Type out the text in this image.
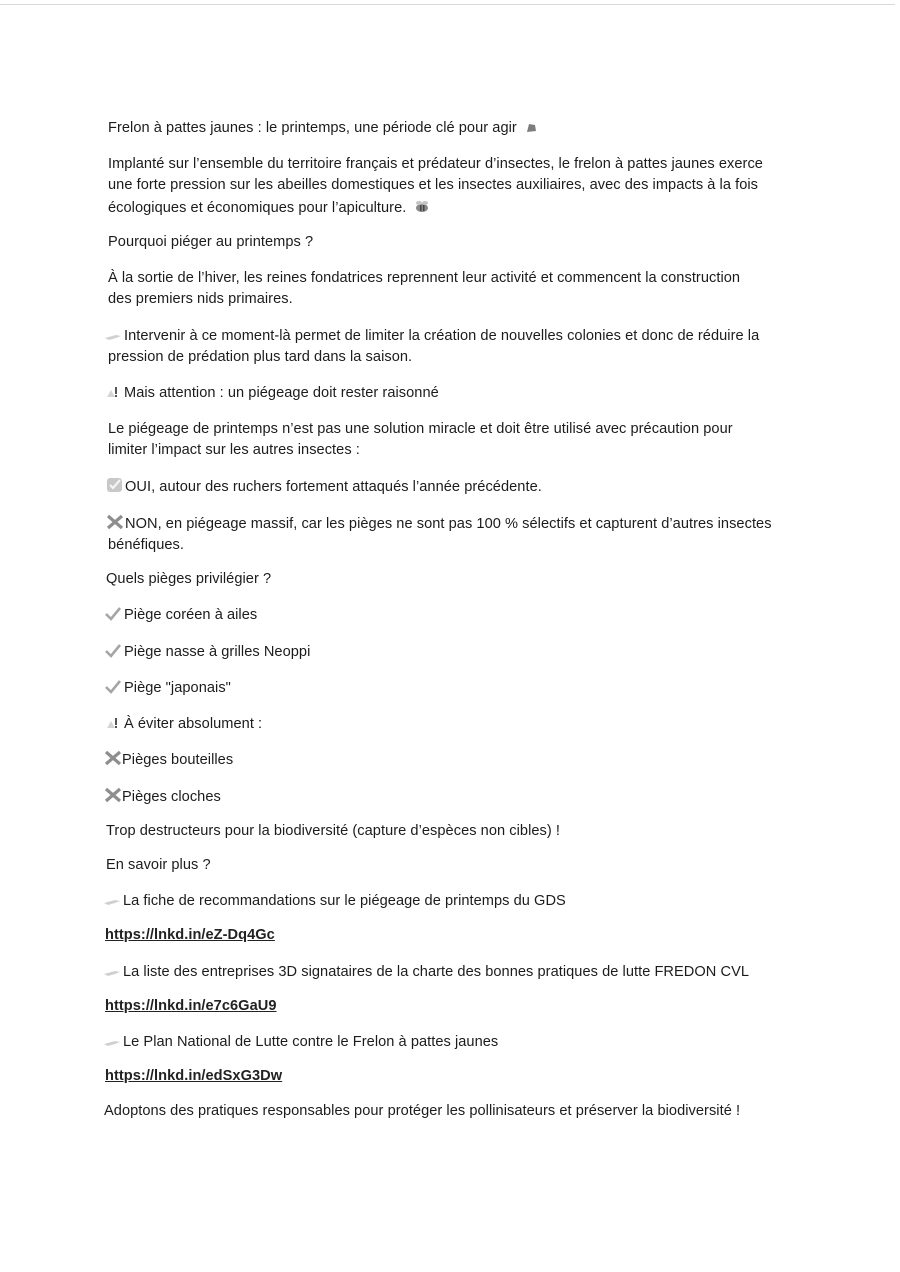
Frelon à pattes jaunes : le printemps, une période clé pour agir
Implanté sur l’ensemble du territoire français et prédateur d’insectes, le frelon à pattes jaunes exerce
une forte pression sur les abeilles domestiques et les insectes auxiliaires, avec des impacts à la fois
écologiques et économiques pour l’apiculture.
Pourquoi piéger au printemps ?
À la sortie de l’hiver, les reines fondatrices reprennent leur activité et commencent la construction
des premiers nids primaires.
Intervenir à ce moment-là permet de limiter la création de nouvelles colonies et donc de réduire la
pression de prédation plus tard dans la saison.
Mais attention : un piégeage doit rester raisonné
Le piégeage de printemps n’est pas une solution miracle et doit être utilisé avec précaution pour
limiter l’impact sur les autres insectes :
OUI, autour des ruchers fortement attaqués l’année précédente.
NON, en piégeage massif, car les pièges ne sont pas 100 % sélectifs et capturent d’autres insectes
bénéfiques.
Quels pièges privilégier ?
Piège coréen à ailes
Piège nasse à grilles Neoppi
Piège "japonais"
À éviter absolument :
Pièges bouteilles
Pièges cloches
Trop destructeurs pour la biodiversité (capture d’espèces non cibles) !
En savoir plus ?
La fiche de recommandations sur le piégeage de printemps du GDS
https://lnkd.in/eZ-Dq4Gc
La liste des entreprises 3D signataires de la charte des bonnes pratiques de lutte FREDON CVL
https://lnkd.in/e7c6GaU9
Le Plan National de Lutte contre le Frelon à pattes jaunes
https://lnkd.in/edSxG3Dw
Adoptons des pratiques responsables pour protéger les pollinisateurs et préserver la biodiversité !
